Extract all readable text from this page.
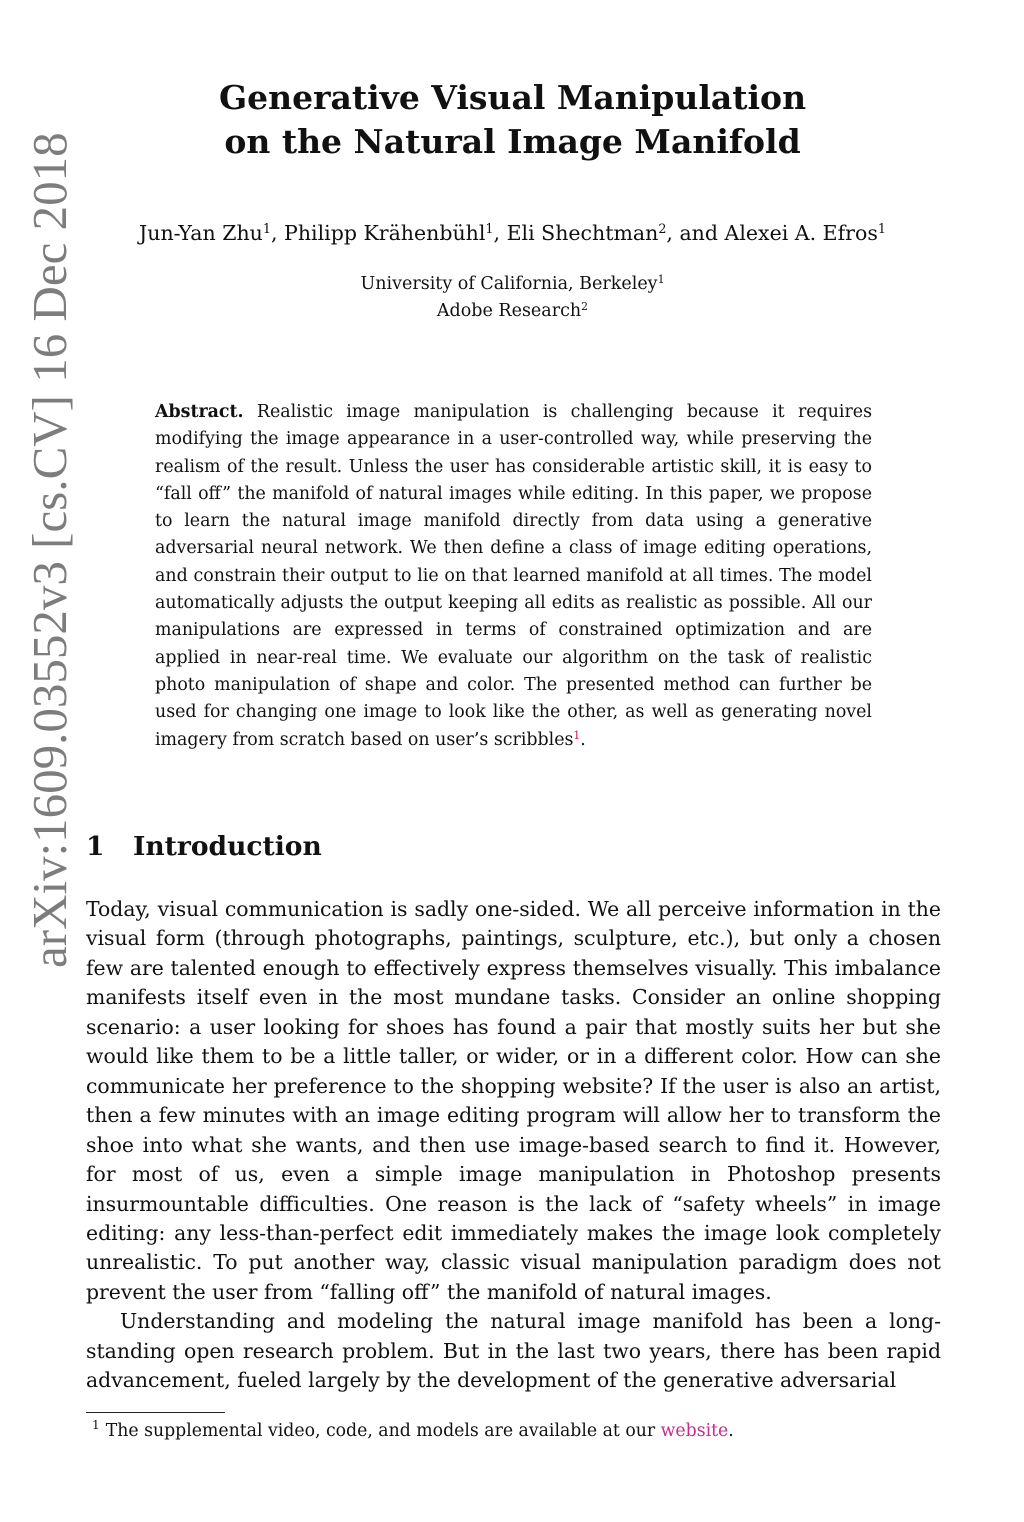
arXiv:1609.03552v3 [cs.CV] 16 Dec 2018
Generative Visual Manipulation
on the Natural Image Manifold
Jun-Yan Zhu$^1$, Philipp Krähenbühl$^1$, Eli Shechtman$^2$, and Alexei A. Efros$^1$
University of California, Berkeley$^1$
Adobe Research$^2$

Abstract. Realistic image manipulation is challenging because it requires modifying the image appearance in a user-controlled way, while preserving the realism of the result. Unless the user has considerable artistic skill, it is easy to “fall off” the manifold of natural images while editing. In this paper, we propose to learn the natural image manifold directly from data using a generative adversarial neural network. We then define a class of image editing operations, and constrain their output to lie on that learned manifold at all times. The model automatically adjusts the output keeping all edits as realistic as possible. All our manipulations are expressed in terms of constrained optimization and are applied in near-real time. We evaluate our algorithm on the task of realistic photo manipulation of shape and color. The presented method can further be used for changing one image to look like the other, as well as generating novel imagery from scratch based on user’s scribbles$^1$.

1 Introduction

Today, visual communication is sadly one-sided. We all perceive information in the visual form (through photographs, paintings, sculpture, etc.), but only a chosen few are talented enough to effectively express themselves visually. This imbalance manifests itself even in the most mundane tasks. Consider an online shopping scenario: a user looking for shoes has found a pair that mostly suits her but she would like them to be a little taller, or wider, or in a different color. How can she communicate her preference to the shopping website? If the user is also an artist, then a few minutes with an image editing program will allow her to transform the shoe into what she wants, and then use image-based search to find it. However, for most of us, even a simple image manipulation in Photoshop presents insurmountable difficulties. One reason is the lack of “safety wheels” in image editing: any less-than-perfect edit immediately makes the image look completely unrealistic. To put another way, classic visual manipulation paradigm does not prevent the user from “falling off” the manifold of natural images.

Understanding and modeling the natural image manifold has been a long-standing open research problem. But in the last two years, there has been rapid advancement, fueled largely by the development of the generative adversarial

$^1$ The supplemental video, code, and models are available at our website.
